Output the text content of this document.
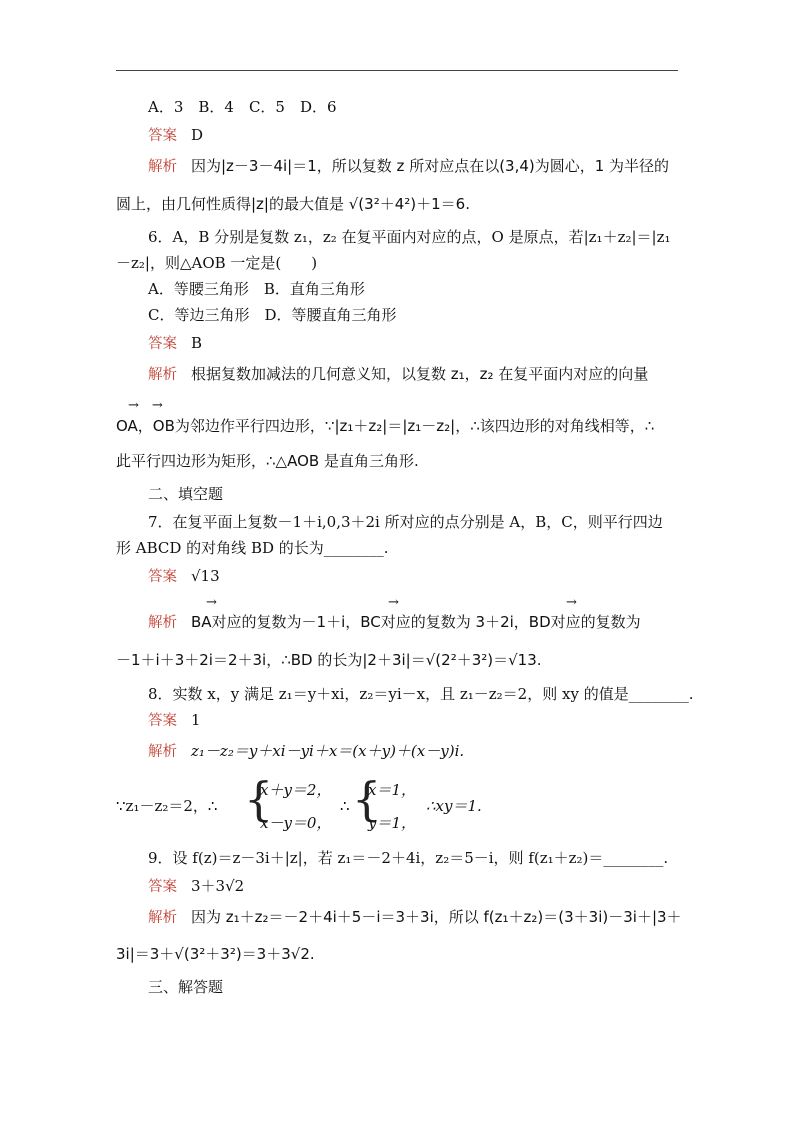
A．3　B．4　C．5　D．6
答案 D
解析 因为|z－3－4i|＝1，所以复数 z 所对应点在以(3,4)为圆心，1 为半径的
圆上，由几何性质得|z|的最大值是 √(3²＋4²)＋1＝6.
6．A，B 分别是复数 z₁，z₂ 在复平面内对应的点，O 是原点，若|z₁＋z₂|＝|z₁
－z₂|，则△AOB 一定是(　　)
A．等腰三角形　B．直角三角形
C．等边三角形　D．等腰直角三角形
答案 B
解析 根据复数加减法的几何意义知，以复数 z₁，z₂ 在复平面内对应的向量
→　→
OA，OB为邻边作平行四边形，∵|z₁＋z₂|＝|z₁－z₂|，∴该四边形的对角线相等，∴
此平行四边形为矩形，∴△AOB 是直角三角形.
二、填空题
7．在复平面上复数－1＋i,0,3＋2i 所对应的点分别是 A，B，C，则平行四边
形 ABCD 的对角线 BD 的长为________.
答案 √13
→	→	→
解析 BA对应的复数为－1＋i，BC对应的复数为 3＋2i，BD对应的复数为
－1＋i＋3＋2i＝2＋3i，∴BD 的长为|2＋3i|＝√(2²＋3²)＝√13.
8．实数 x，y 满足 z₁＝y＋xi，z₂＝yi－x，且 z₁－z₂＝2，则 xy 的值是________.
答案 1
解析 z₁－z₂＝y＋xi－yi＋x＝(x＋y)＋(x－y)i.
∵z₁－z₂＝2，∴ {
x＋y＝2，
x－y＝0，
∴ {
x＝1，
y＝1，
∴xy＝1.
9．设 f(z)＝z－3i＋|z|，若 z₁＝－2＋4i，z₂＝5－i，则 f(z₁＋z₂)＝________.
答案 3＋3√2
解析 因为 z₁＋z₂＝－2＋4i＋5－i＝3＋3i，所以 f(z₁＋z₂)＝(3＋3i)－3i＋|3＋
3i|＝3＋√(3²＋3²)＝3＋3√2.
三、解答题
